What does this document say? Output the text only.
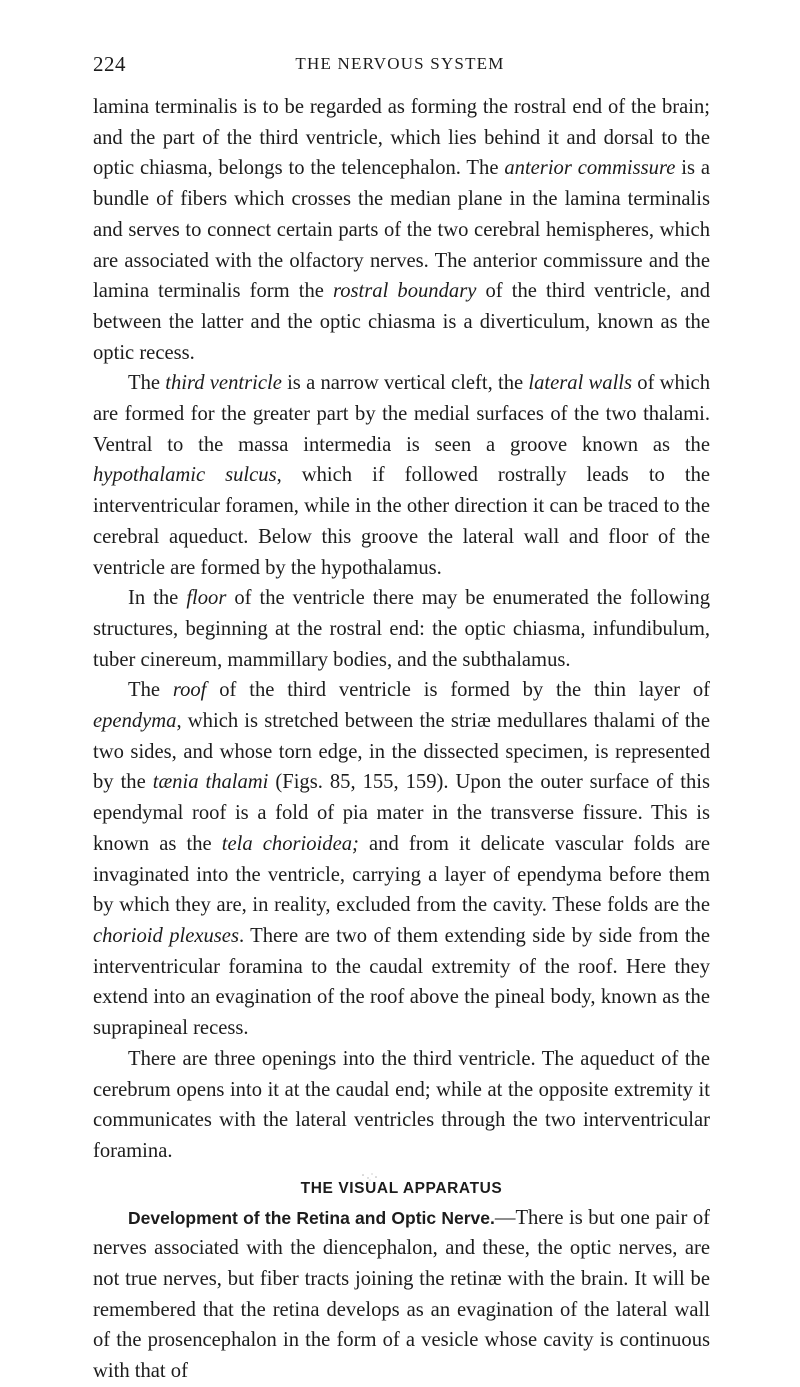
224	THE NERVOUS SYSTEM

lamina terminalis is to be regarded as forming the rostral end of the brain; and the part of the third ventricle, which lies behind it and dorsal to the optic chiasma, belongs to the telencephalon. The anterior commissure is a bundle of fibers which crosses the median plane in the lamina terminalis and serves to connect certain parts of the two cerebral hemispheres, which are associated with the olfactory nerves. The anterior commissure and the lamina terminalis form the rostral boundary of the third ventricle, and between the latter and the optic chiasma is a diverticulum, known as the optic recess.

The third ventricle is a narrow vertical cleft, the lateral walls of which are formed for the greater part by the medial surfaces of the two thalami. Ventral to the massa intermedia is seen a groove known as the hypothalamic sulcus, which if followed rostrally leads to the interventricular foramen, while in the other direction it can be traced to the cerebral aqueduct. Below this groove the lateral wall and floor of the ventricle are formed by the hypothalamus.

In the floor of the ventricle there may be enumerated the following structures, beginning at the rostral end: the optic chiasma, infundibulum, tuber cinereum, mammillary bodies, and the subthalamus.

The roof of the third ventricle is formed by the thin layer of ependyma, which is stretched between the striæ medullares thalami of the two sides, and whose torn edge, in the dissected specimen, is represented by the tænia thalami (Figs. 85, 155, 159). Upon the outer surface of this ependymal roof is a fold of pia mater in the transverse fissure. This is known as the tela chorioidea; and from it delicate vascular folds are invaginated into the ventricle, carrying a layer of ependyma before them by which they are, in reality, excluded from the cavity. These folds are the chorioid plexuses. There are two of them extending side by side from the interventricular foramina to the caudal extremity of the roof. Here they extend into an evagination of the roof above the pineal body, known as the suprapineal recess.

There are three openings into the third ventricle. The aqueduct of the cerebrum opens into it at the caudal end; while at the opposite extremity it communicates with the lateral ventricles through the two interventricular foramina.

THE VISUAL APPARATUS

Development of the Retina and Optic Nerve.—There is but one pair of nerves associated with the diencephalon, and these, the optic nerves, are not true nerves, but fiber tracts joining the retinæ with the brain. It will be remembered that the retina develops as an evagination of the lateral wall of the prosencephalon in the form of a vesicle whose cavity is continuous with that of
